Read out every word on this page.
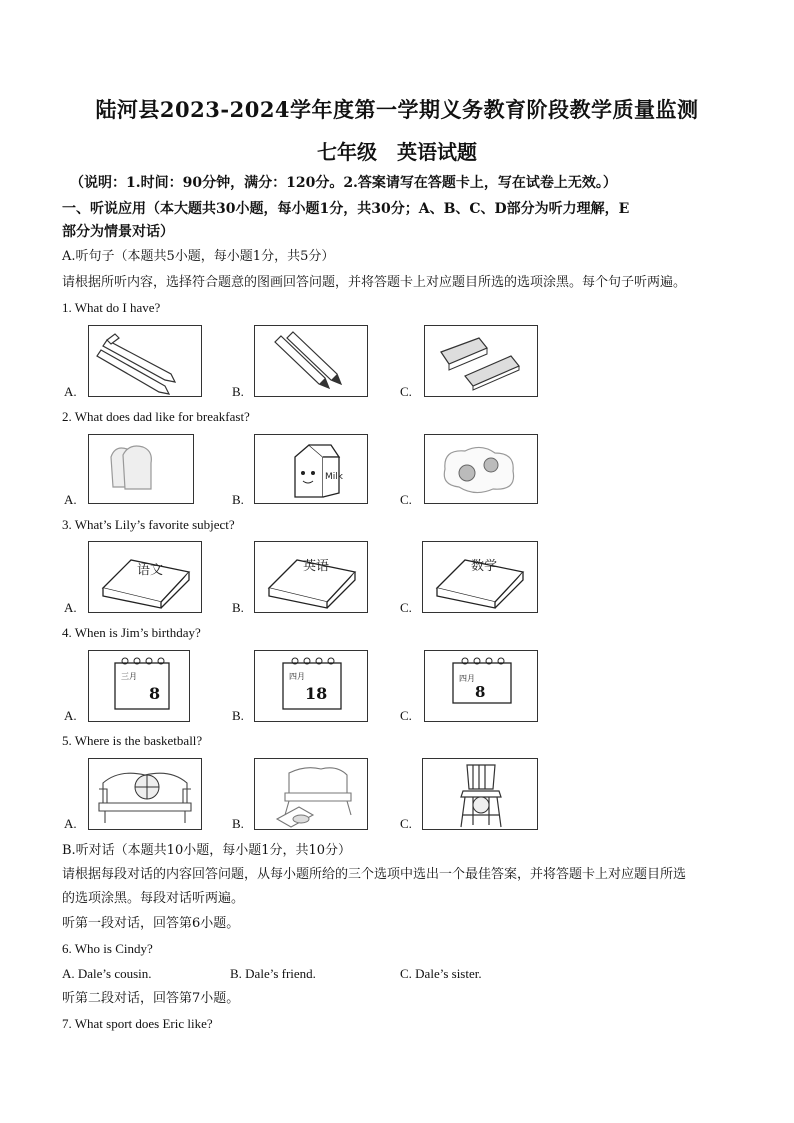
陆河县2023-2024学年度第一学期义务教育阶段教学质量监测
七年级　英语试题
（说明：1.时间：90分钟，满分：120分。2.答案请写在答题卡上，写在试卷上无效。）
一、听说应用（本大题共30小题，每小题1分，共30分；A、B、C、D部分为听力理解，E
部分为情景对话）
A.听句子（本题共5小题，每小题1分，共5分）
请根据所听内容，选择符合题意的图画回答问题，并将答题卡上对应题目所选的选项涂黑。每个句子听两遍。
1. What do I have?
A.	B.	C.
2. What does dad like for breakfast?
A.	B.	C.
Milk
3. What’s Lily’s favorite subject?
A.	B.	C.
语文	英语	数学
4. When is Jim’s birthday?
A.	B.	C.
三月
8
四月
18
四月
8
5. Where is the basketball?
A.	B.	C.
B.听对话（本题共10小题，每小题1分，共10分）
请根据每段对话的内容回答问题，从每小题所给的三个选项中选出一个最佳答案，并将答题卡上对应题目所选
的选项涂黑。每段对话听两遍。
听第一段对话，回答第6小题。
6. Who is Cindy?
A. Dale’s cousin.	B. Dale’s friend.	C. Dale’s sister.
听第二段对话，回答第7小题。
7. What sport does Eric like?
